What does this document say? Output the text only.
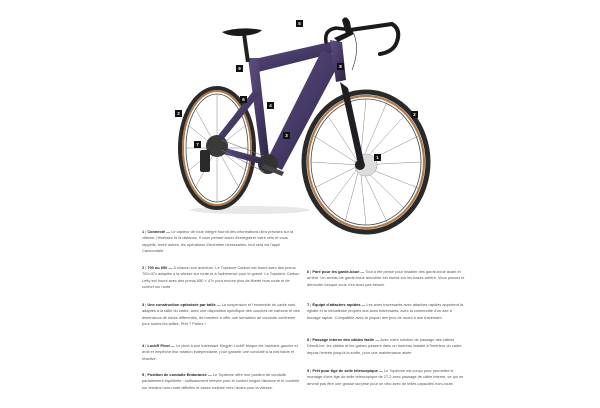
5
9	8
6
4
2
3
7
1
2
1 | Connecté — Le capteur de roue intégré fournit des informations ultra précises sur la vitesse, l'itinéraire et la distance. Il vous permet aussi d'enregistrer votre vélo et vous rappelle, entre autres, les opérations d'entretien nécessaires, tout cela via l'appli Cannondale.
2 | 700 ou 650 — À chacun son aventure. Le Topstone Carbon est fourni avec des pneus 700×37c adaptés à la vitesse sur route et à l'adhérence pour le gravel. Le Topstone Carbon Lefty est fourni avec des pneus 650 × 47c pour encore plus de liberté hors route et de confort sur route.
3 | Une construction optimisée par taille — La suspension et l'ensemble du cadre sont adaptés à la taille du cadre, avec une disposition spécifique des couches de carbone et des dimensions de tubes différentes, de manière à offrir une sensation de conduite cohérente pour toutes les tailles. Prêt ? Partez !
4 | LockR Pivot — Le pivot à axe traversant Kingpin LockR bloque les haubans gauche et droit et empêche leur rotation indépendante, pour garantir une conduite à la fois fiable et réactive.
5 | Position de conduite Endurance — Le Topstone offre une position de conduite parfaitement équilibrée : suffisamment relevée pour le confort longue distance et le contrôle sur terrains hors-route difficiles et assez inclinée vers l'avant pour la vitesse.
6 | Paré pour les garde-boue — Tout a été pensé pour installer des garde-boue avant et arrière. Un arceau de garde-boue amovible est monté sur les bases arrière. Vous pouvez le démonter lorsque vous n'en avez pas besoin.
7 | Équipé d'attaches rapides — Les axes traversants avec attaches rapides apportent la rigidité et la robustesse propres aux axes traversants, avec la commodité d'un axe à blocage rapide. Compatible avec la plupart des jeux de roues à axe traversant.
8 | Passage interne des câbles facile — Avec notre solution de passage des câbles DirectLine, les câbles et les gaines passent dans un fourreau installé à l'intérieur du cadre, depuis l'entrée jusqu'à la sortie, pour une maintenance aisée
9 | Prêt pour tige de selle télescopique — Le Topstone est conçu pour permettre le montage d'une tige de selle télescopique de 27,2 avec passage de câble interne, ce qui ne devrait pas être une grosse surprise pour un vélo avec de telles capacités hors-route.
